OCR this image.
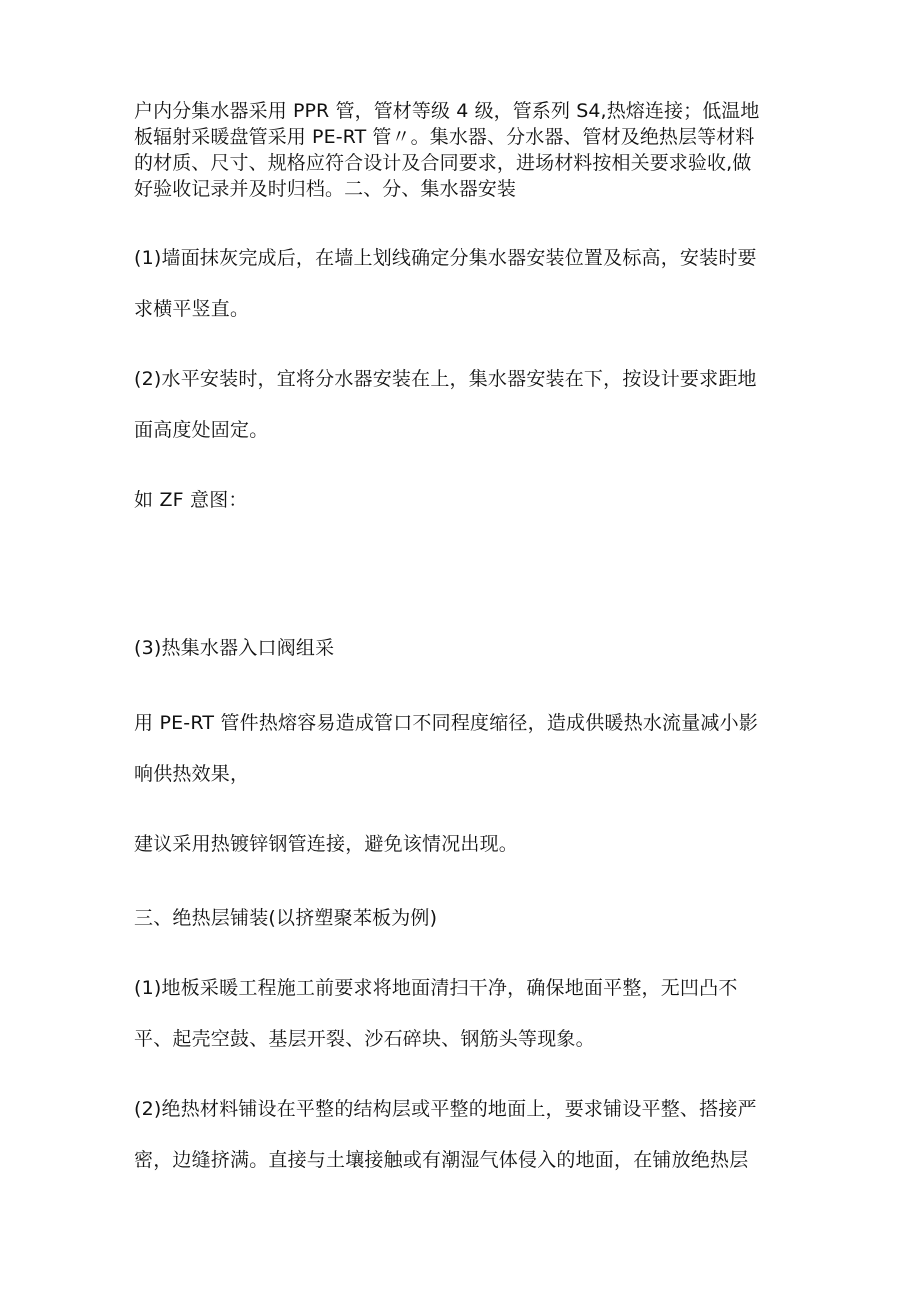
户内分集水器采用 PPR 管，管材等级 4 级，管系列 S4,热熔连接；低温地
板辐射采暖盘管采用 PE-RT 管〃。集水器、分水器、管材及绝热层等材料
的材质、尺寸、规格应符合设计及合同要求，进场材料按相关要求验收,做
好验收记录并及时归档。二、分、集水器安装
(1)墙面抹灰完成后，在墙上划线确定分集水器安装位置及标高，安装时要
求横平竖直。
(2)水平安装时，宜将分水器安装在上，集水器安装在下，按设计要求距地
面高度处固定。
如 ZF 意图：
(3)热集水器入口阀组采
用 PE-RT 管件热熔容易造成管口不同程度缩径，造成供暖热水流量减小影
响供热效果，
建议采用热镀锌钢管连接，避免该情况出现。
三、绝热层铺装(以挤塑聚苯板为例)
(1)地板采暖工程施工前要求将地面清扫干净，确保地面平整，无凹凸不
平、起壳空鼓、基层开裂、沙石碎块、钢筋头等现象。
(2)绝热材料铺设在平整的结构层或平整的地面上，要求铺设平整、搭接严
密，边缝挤满。直接与土壤接触或有潮湿气体侵入的地面，在铺放绝热层
